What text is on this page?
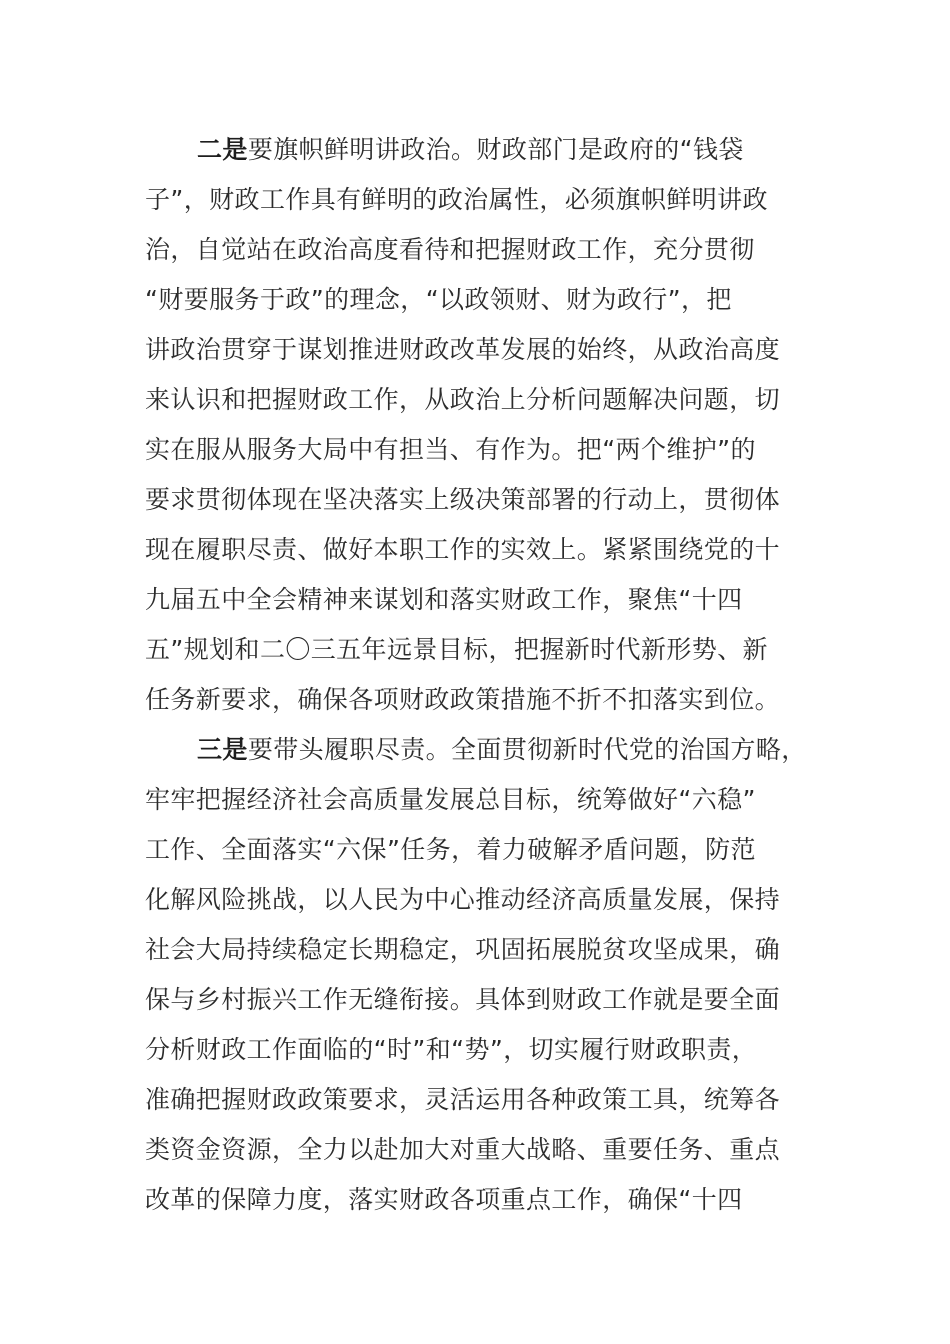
二是要旗帜鲜明讲政治。财政部门是政府的“钱袋
子”，财政工作具有鲜明的政治属性，必须旗帜鲜明讲政
治，自觉站在政治高度看待和把握财政工作，充分贯彻
“财要服务于政”的理念，“以政领财、财为政行”，把
讲政治贯穿于谋划推进财政改革发展的始终，从政治高度
来认识和把握财政工作，从政治上分析问题解决问题，切
实在服从服务大局中有担当、有作为。把“两个维护”的
要求贯彻体现在坚决落实上级决策部署的行动上，贯彻体
现在履职尽责、做好本职工作的实效上。紧紧围绕党的十
九届五中全会精神来谋划和落实财政工作，聚焦“十四
五”规划和二〇三五年远景目标，把握新时代新形势、新
任务新要求，确保各项财政政策措施不折不扣落实到位。
三是要带头履职尽责。全面贯彻新时代党的治国方略，
牢牢把握经济社会高质量发展总目标，统筹做好“六稳”
工作、全面落实“六保”任务，着力破解矛盾问题，防范
化解风险挑战，以人民为中心推动经济高质量发展，保持
社会大局持续稳定长期稳定，巩固拓展脱贫攻坚成果，确
保与乡村振兴工作无缝衔接。具体到财政工作就是要全面
分析财政工作面临的“时”和“势”，切实履行财政职责，
准确把握财政政策要求，灵活运用各种政策工具，统筹各
类资金资源，全力以赴加大对重大战略、重要任务、重点
改革的保障力度，落实财政各项重点工作，确保“十四
